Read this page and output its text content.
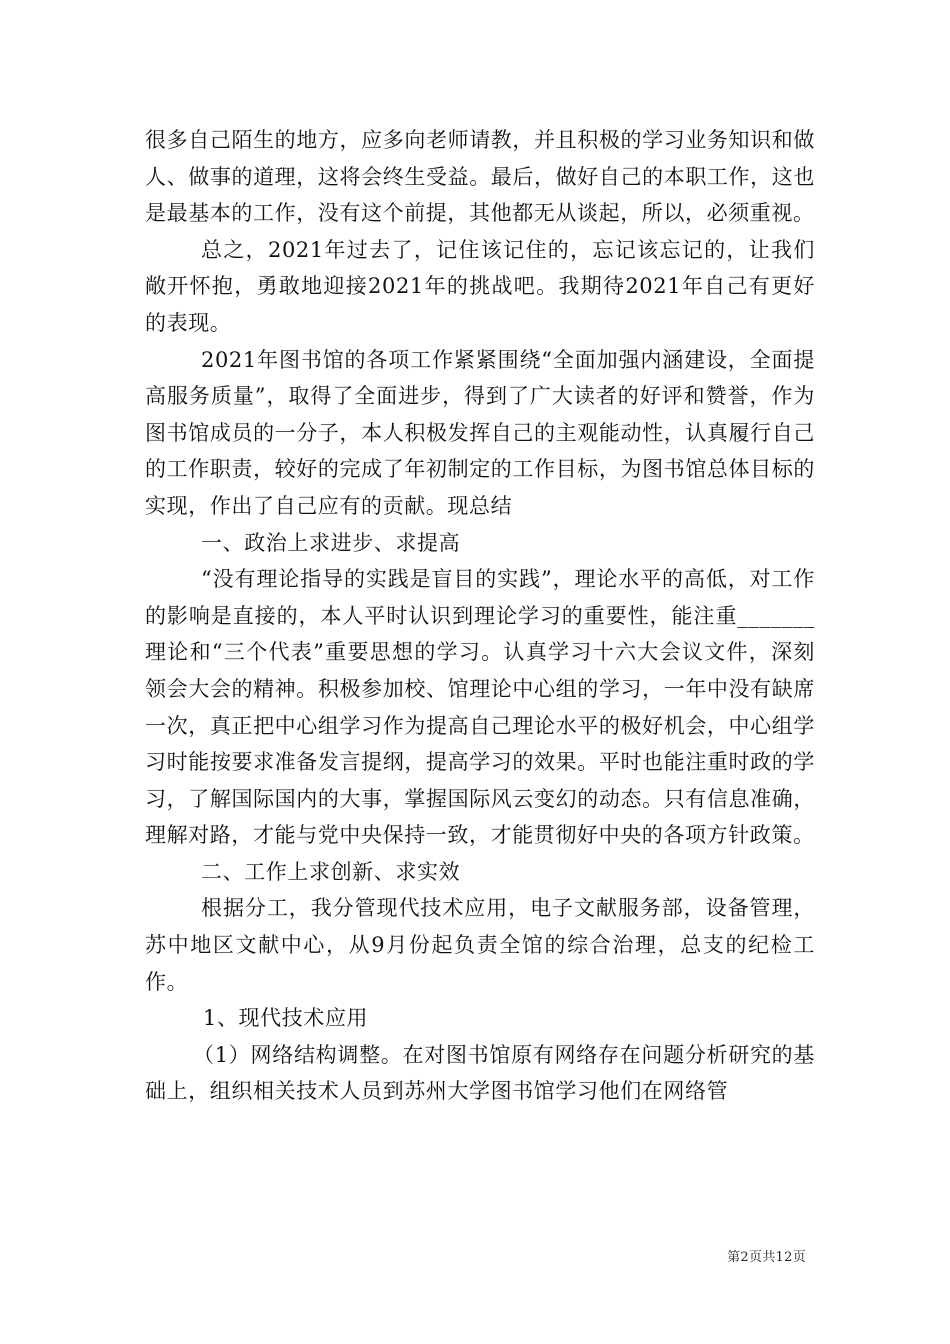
很多自己陌生的地方，应多向老师请教，并且积极的学习业务知识和做人、做事的道理，这将会终生受益。最后，做好自己的本职工作，这也是最基本的工作，没有这个前提，其他都无从谈起，所以，必须重视。

总之，2021年过去了，记住该记住的，忘记该忘记的，让我们敞开怀抱，勇敢地迎接2021年的挑战吧。我期待2021年自己有更好的表现。

2021年图书馆的各项工作紧紧围绕“全面加强内涵建设，全面提高服务质量”，取得了全面进步，得到了广大读者的好评和赞誉，作为图书馆成员的一分子，本人积极发挥自己的主观能动性，认真履行自己的工作职责，较好的完成了年初制定的工作目标，为图书馆总体目标的实现，作出了自己应有的贡献。现总结

一、政治上求进步、求提高

“没有理论指导的实践是盲目的实践”，理论水平的高低，对工作的影响是直接的，本人平时认识到理论学习的重要性，能注重_______理论和“三个代表”重要思想的学习。认真学习十六大会议文件，深刻领会大会的精神。积极参加校、馆理论中心组的学习，一年中没有缺席一次，真正把中心组学习作为提高自己理论水平的极好机会，中心组学习时能按要求准备发言提纲，提高学习的效果。平时也能注重时政的学习，了解国际国内的大事，掌握国际风云变幻的动态。只有信息准确，理解对路，才能与党中央保持一致，才能贯彻好中央的各项方针政策。

二、工作上求创新、求实效

根据分工，我分管现代技术应用，电子文献服务部，设备管理，苏中地区文献中心，从9月份起负责全馆的综合治理，总支的纪检工作。

1、现代技术应用

（1）网络结构调整。在对图书馆原有网络存在问题分析研究的基础上，组织相关技术人员到苏州大学图书馆学习他们在网络管

第2页共12页
